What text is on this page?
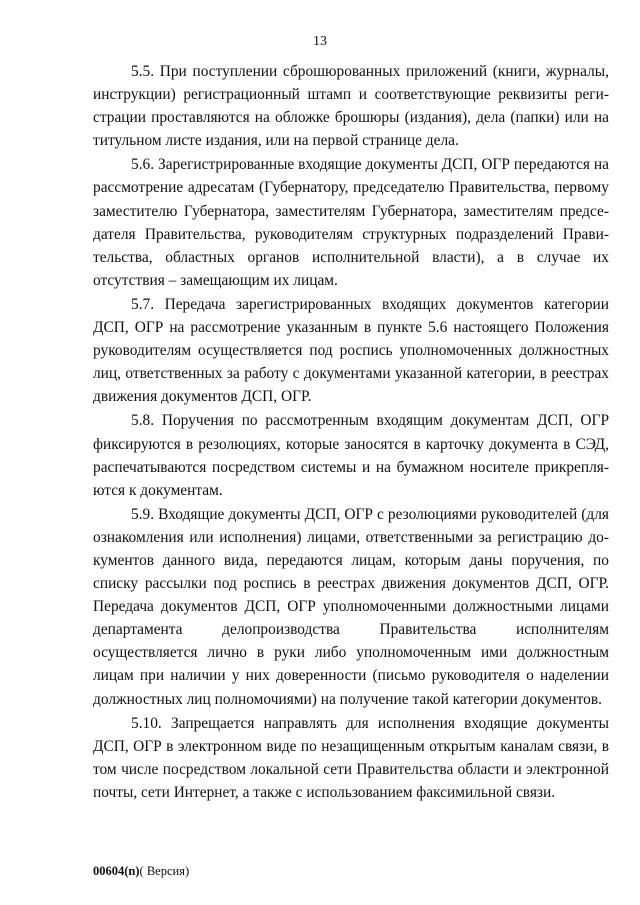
13

5.5. При поступлении сброшюрованных приложений (книги, журналы, инструкции) регистрационный штамп и соответствующие реквизиты регистрации проставляются на обложке брошюры (издания), дела (папки) или на титульном листе издания, или на первой странице дела.

5.6. Зарегистрированные входящие документы ДСП, ОГР передаются на рассмотрение адресатам (Губернатору, председателю Правительства, первому заместителю Губернатора, заместителям Губернатора, заместителям председателя Правительства, руководителям структурных подразделений Правительства, областных органов исполнительной власти), а в случае их отсутствия – замещающим их лицам.

5.7. Передача зарегистрированных входящих документов категории ДСП, ОГР на рассмотрение указанным в пункте 5.6 настоящего Положения руководителям осуществляется под роспись уполномоченных должностных лиц, ответственных за работу с документами указанной категории, в реестрах движения документов ДСП, ОГР.

5.8. Поручения по рассмотренным входящим документам ДСП, ОГР фиксируются в резолюциях, которые заносятся в карточку документа в СЭД, распечатываются посредством системы и на бумажном носителе прикрепляются к документам.

5.9. Входящие документы ДСП, ОГР с резолюциями руководителей (для ознакомления или исполнения) лицами, ответственными за регистрацию документов данного вида, передаются лицам, которым даны поручения, по списку рассылки под роспись в реестрах движения документов ДСП, ОГР. Передача документов ДСП, ОГР уполномоченными должностными лицами департамента делопроизводства Правительства исполнителям осуществляется лично в руки либо уполномоченным ими должностным лицам при наличии у них доверенности (письмо руководителя о наделении должностных лиц полномочиями) на получение такой категории документов.

5.10. Запрещается направлять для исполнения входящие документы ДСП, ОГР в электронном виде по незащищенным открытым каналам связи, в том числе посредством локальной сети Правительства области и электронной почты, сети Интернет, а также с использованием факсимильной связи.

00604(n)( Версия)
